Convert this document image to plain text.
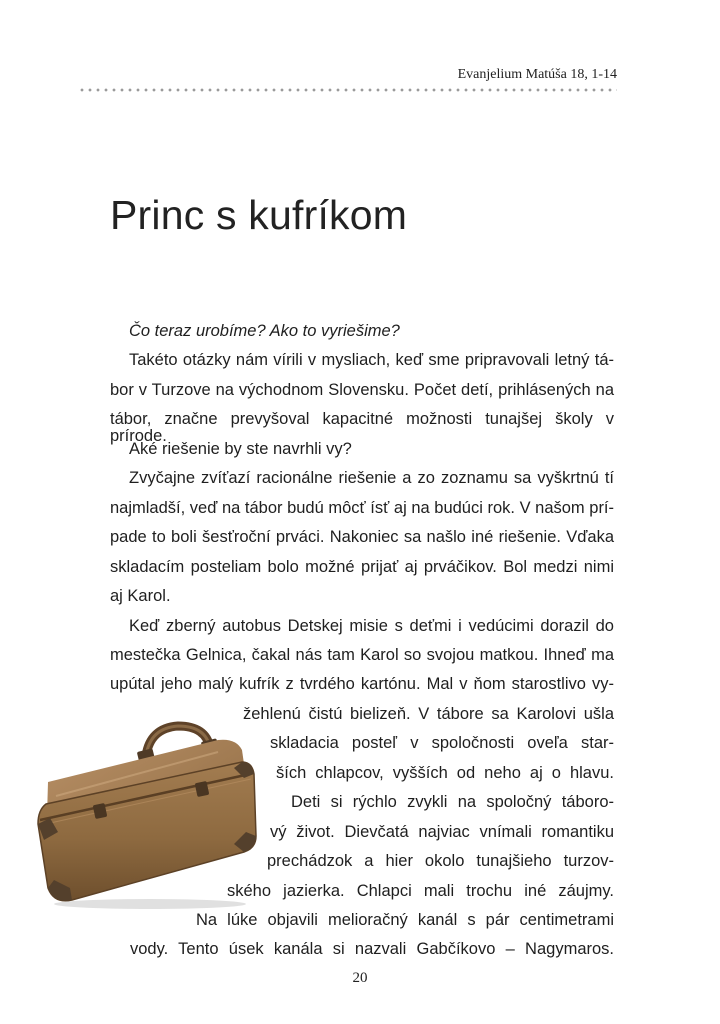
Evanjelium Matúša 18, 1-14
Princ s kufríkom
Čo teraz urobíme? Ako to vyriešime?
Takéto otázky nám vírili v mysliach, keď sme pripravovali letný tá-
bor v Turzove na východnom Slovensku. Počet detí, prihlásených na
tábor, značne prevyšoval kapacitné možnosti tunajšej školy v prírode.
Aké riešenie by ste navrhli vy?
Zvyčajne zvíťazí racionálne riešenie a zo zoznamu sa vyškrtnú tí
najmladší, veď na tábor budú môcť ísť aj na budúci rok. V našom prí-
pade to boli šesťroční prváci. Nakoniec sa našlo iné riešenie. Vďaka
skladacím posteliam bolo možné prijať aj prváčikov. Bol medzi nimi
aj Karol.
Keď zberný autobus Detskej misie s deťmi i vedúcimi dorazil do
mestečka Gelnica, čakal nás tam Karol so svojou matkou. Ihneď ma
upútal jeho malý kufrík z tvrdého kartónu. Mal v ňom starostlivo vy-
žehlenú čistú bielizeň. V tábore sa Karolovi ušla
skladacia posteľ v spoločnosti oveľa star-
ších chlapcov, vyšších od neho aj o hlavu.
Deti si rýchlo zvykli na spoločný táboro-
vý život. Dievčatá najviac vnímali romantiku
prechádzok a hier okolo tunajšieho turzov-
ského jazierka. Chlapci mali trochu iné záujmy.
Na lúke objavili melioračný kanál s pár centimetrami
vody. Tento úsek kanála si nazvali Gabčíkovo – Nagymaros.
20
